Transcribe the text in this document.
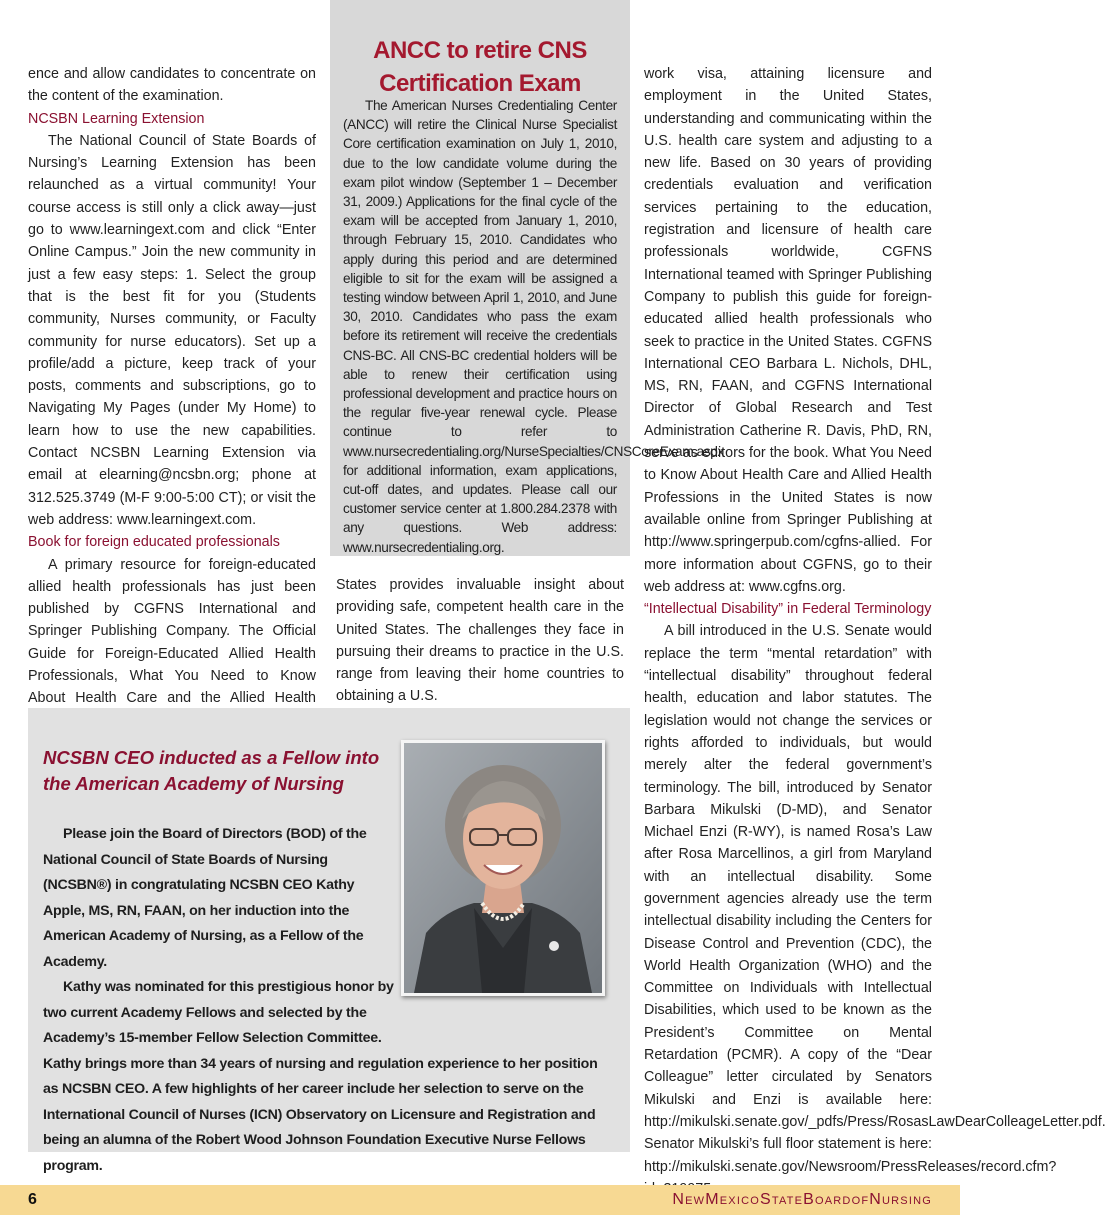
ence and allow candidates to concentrate on the content of the examination.

NCSBN Learning Extension

The National Council of State Boards of Nursing’s Learning Extension has been relaunched as a virtual community! Your course access is still only a click away—just go to www.learningext.com and click “Enter Online Campus.” Join the new community in just a few easy steps: 1. Select the group that is the best fit for you (Students community, Nurses community, or Faculty community for nurse educators). Set up a profile/add a picture, keep track of your posts, comments and subscriptions, go to Navigating My Pages (under My Home) to learn how to use the new capabilities. Contact NCSBN Learning Extension via email at elearning@ncsbn.org; phone at 312.525.3749 (M-F 9:00-5:00 CT); or visit the web address: www.learningext.com.

Book for foreign educated professionals

A primary resource for foreign-educated allied health professionals has just been published by CGFNS International and Springer Publishing Company. The Official Guide for Foreign-Educated Allied Health Professionals, What You Need to Know About Health Care and the Allied Health

ANCC to retire CNS Certification Exam

The American Nurses Credentialing Center (ANCC) will retire the Clinical Nurse Specialist Core certification examination on July 1, 2010, due to the low candidate volume during the exam pilot window (September 1 – December 31, 2009.) Applications for the final cycle of the exam will be accepted from January 1, 2010, through February 15, 2010. Candidates who apply during this period and are determined eligible to sit for the exam will be assigned a testing window between April 1, 2010, and June 30, 2010. Candidates who pass the exam before its retirement will receive the credentials CNS-BC. All CNS-BC credential holders will be able to renew their certification using professional development and practice hours on the regular five-year renewal cycle. Please continue to refer to www.nursecredentialing.org/NurseSpecialties/CNSCoreExam.aspx for additional information, exam applications, cut-off dates, and updates. Please call our customer service center at 1.800.284.2378 with any questions. Web address: www.nursecredentialing.org.

States provides invaluable insight about providing safe, competent health care in the United States. The challenges they face in pursuing their dreams to practice in the U.S. range from leaving their home countries to obtaining a U.S.

work visa, attaining licensure and employment in the United States, understanding and communicating within the U.S. health care system and adjusting to a new life. Based on 30 years of providing credentials evaluation and verification services pertaining to the education, registration and licensure of health care professionals worldwide, CGFNS International teamed with Springer Publishing Company to publish this guide for foreign-educated allied health professionals who seek to practice in the United States. CGFNS International CEO Barbara L. Nichols, DHL, MS, RN, FAAN, and CGFNS International Director of Global Research and Test Administration Catherine R. Davis, PhD, RN, serve as editors for the book. What You Need to Know About Health Care and Allied Health Professions in the United States is now available online from Springer Publishing at http://www.springerpub.com/cgfns-allied. For more information about CGFNS, go to their web address at: www.cgfns.org.

“Intellectual Disability” in Federal Terminology

A bill introduced in the U.S. Senate would replace the term “mental retardation” with “intellectual disability” throughout federal health, education and labor statutes. The legislation would not change the services or rights afforded to individuals, but would merely alter the federal government’s terminology. The bill, introduced by Senator Barbara Mikulski (D-MD), and Senator Michael Enzi (R-WY), is named Rosa’s Law after Rosa Marcellinos, a girl from Maryland with an intellectual disability. Some government agencies already use the term intellectual disability including the Centers for Disease Control and Prevention (CDC), the World Health Organization (WHO) and the Committee on Individuals with Intellectual Disabilities, which used to be known as the President’s Committee on Mental Retardation (PCMR). A copy of the “Dear Colleague” letter circulated by Senators Mikulski and Enzi is available here: http://mikulski.senate.gov/_pdfs/Press/RosasLawDearColleageLetter.pdf. Senator Mikulski’s full floor statement is here: http://mikulski.senate.gov/Newsroom/PressReleases/record.cfm?

NCSBN CEO inducted as a Fellow into the American Academy of Nursing

Please join the Board of Directors (BOD) of the National Council of State Boards of Nursing (NCSBN®) in congratulating NCSBN CEO Kathy Apple, MS, RN, FAAN, on her induction into the American Academy of Nursing, as a Fellow of the Academy.

Kathy was nominated for this prestigious honor by two current Academy Fellows and selected by the Academy’s 15-member Fellow Selection Committee.

Kathy brings more than 34 years of nursing and regulation experience to her position as NCSBN CEO. A few highlights of her career include her selection to serve on the International Council of Nurses (ICN) Observatory on Licensure and Registration and being an alumna of the Robert Wood Johnson Foundation Executive Nurse Fellows program.

6	NewMexicoStateBoardofNursing
